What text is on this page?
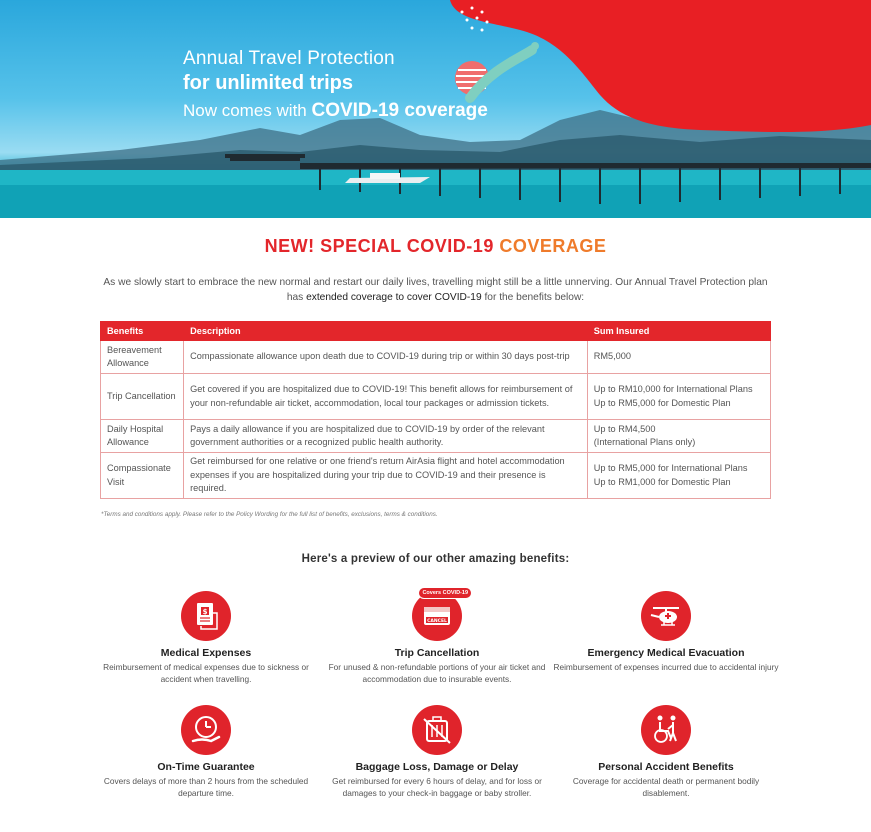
Annual Travel Protection
for unlimited trips
Now comes with COVID-19 coverage
NEW! SPECIAL COVID-19 COVERAGE
As we slowly start to embrace the new normal and restart our daily lives, travelling might still be a little unnerving. Our Annual Travel Protection plan has extended coverage to cover COVID-19 for the benefits below:
Benefits	Description	Sum Insured
Bereavement Allowance	Compassionate allowance upon death due to COVID-19 during trip or within 30 days post-trip	RM5,000

Trip Cancellation	Get covered if you are hospitalized due to COVID-19! This benefit allows for reimbursement of your non-refundable air ticket, accommodation, local tour packages or admission tickets.	Up to RM10,000 for International Plans
Up to RM5,000 for Domestic Plan

Daily Hospital Allowance	Pays a daily allowance if you are hospitalized due to COVID-19 by order of the relevant government authorities or a recognized public health authority.	Up to RM4,500
(International Plans only)

Compassionate Visit	Get reimbursed for one relative or one friend's return AirAsia flight and hotel accommodation expenses if you are hospitalized during your trip due to COVID-19 and their presence is required.	Up to RM5,000 for International Plans
Up to RM1,000 for Domestic Plan
*Terms and conditions apply. Please refer to the Policy Wording for the full list of benefits, exclusions, terms & conditions.
Here's a preview of our other amazing benefits:
$
Medical Expenses
Reimbursement of medical expenses due to sickness or accident when travelling.
CANCEL
Covers COVID-19
Trip Cancellation
For unused & non-refundable portions of your air ticket and accommodation due to insurable events.
Emergency Medical Evacuation
Reimbursement of expenses incurred due to accidental injury
On-Time Guarantee
Covers delays of more than 2 hours from the scheduled departure time.
Baggage Loss, Damage or Delay
Get reimbursed for every 6 hours of delay, and for loss or damages to your check-in baggage or baby stroller.
Personal Accident Benefits
Coverage for accidental death or permanent bodily disablement.
